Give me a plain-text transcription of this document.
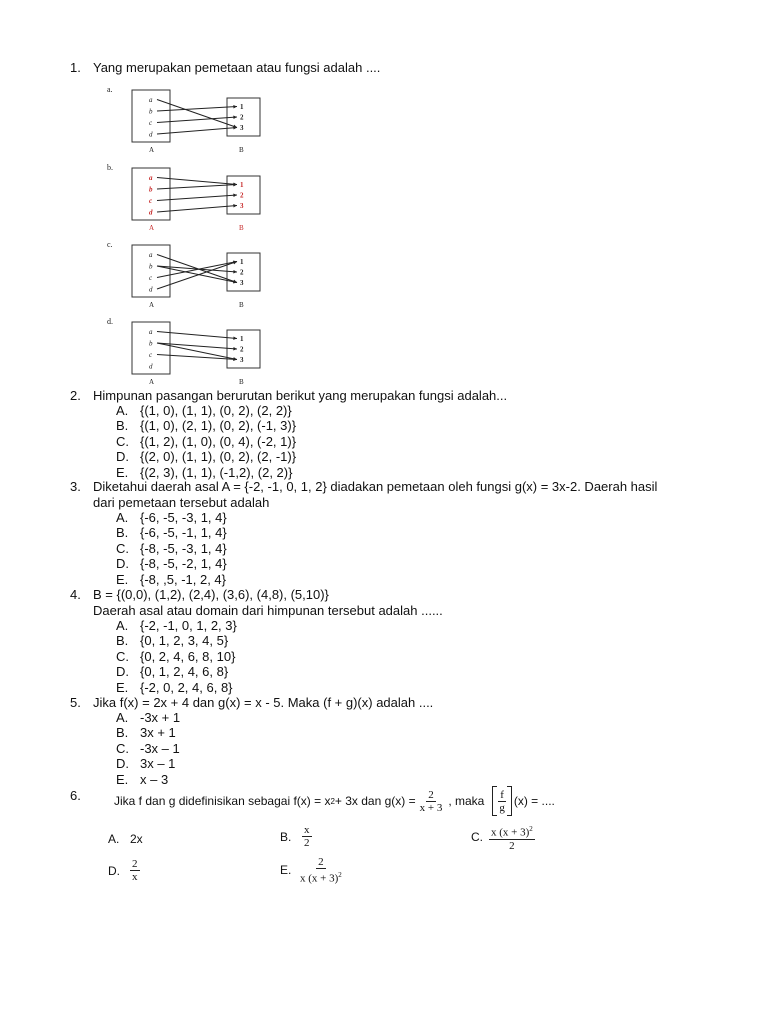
1. Yang merupakan pemetaan atau fungsi adalah ....
a.
a
b
c
d
1
2
3
A	B
b.
a
b
c
d
1
2
3
A	B
c.
a
b
c
d
1
2
3
A	B
d.
a
b
c
d
1
2
3
A	B
2. Himpunan pasangan berurutan berikut yang merupakan fungsi adalah...
A. {(1, 0), (1, 1), (0, 2), (2, 2)}
B. {(1, 0), (2, 1), (0, 2), (-1, 3)}
C. {(1, 2), (1, 0), (0, 4), (-2, 1)}
D. {(2, 0), (1, 1), (0, 2), (2, -1)}
E. {(2, 3), (1, 1), (-1,2), (2, 2)}
3. Diketahui daerah asal A = {-2, -1, 0, 1, 2} diadakan pemetaan oleh fungsi g(x) = 3x-2. Daerah hasil
dari pemetaan tersebut adalah
A. {-6, -5, -3, 1, 4}
B. {-6, -5, -1, 1, 4}
C. {-8, -5, -3, 1, 4}
D. {-8, -5, -2, 1, 4}
E. {-8, ,5, -1, 2, 4}
4. B = {(0,0), (1,2), (2,4), (3,6), (4,8), (5,10)}
Daerah asal atau domain dari himpunan tersebut adalah ......
A. {-2, -1, 0, 1, 2, 3}
B. {0, 1, 2, 3, 4, 5}
C. {0, 2, 4, 6, 8, 10}
D. {0, 1, 2, 4, 6, 8}
E. {-2, 0, 2, 4, 6, 8}
5. Jika f(x) = 2x + 4 dan g(x) = x - 5. Maka (f + g)(x) adalah ....
A. -3x + 1
B. 3x + 1
C. -3x – 1
D. 3x – 1
E. x – 3
6.	Jika f dan g didefinisikan sebagai f(x) = x 2 + 3x dan $g(x) = \frac{2}{x + 3}$ , maka $\frac{f}{g} (x)$ = ....
A. 2x	B. $\frac{x}{2}$	C. $\frac{x (x + 3)^2}{2}$
D. $\frac{2}{x}$	E. $\frac{2}{x (x + 3)^2}$
